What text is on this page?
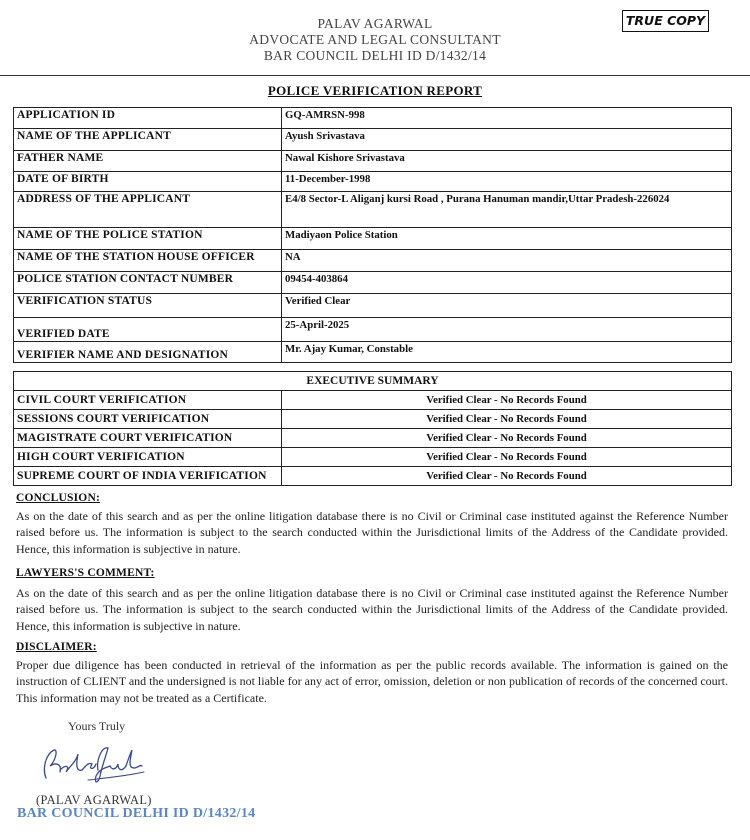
PALAV AGARWAL
ADVOCATE AND LEGAL CONSULTANT
BAR COUNCIL DELHI ID D/1432/14
TRUE COPY
POLICE VERIFICATION REPORT
APPLICATION ID	GQ-AMRSN-998
NAME OF THE APPLICANT	Ayush Srivastava
FATHER NAME	Nawal Kishore Srivastava
DATE OF BIRTH	11-December-1998
ADDRESS OF THE APPLICANT	E4/8 Sector-L Aliganj kursi Road , Purana Hanuman mandir,Uttar Pradesh-226024
NAME OF THE POLICE STATION	Madiyaon Police Station
NAME OF THE STATION HOUSE OFFICER	NA
POLICE STATION CONTACT NUMBER	09454-403864
VERIFICATION STATUS	Verified Clear
VERIFIED DATE	25-April-2025
VERIFIER NAME AND DESIGNATION	Mr. Ajay Kumar, Constable
EXECUTIVE SUMMARY	
CIVIL COURT VERIFICATION	Verified Clear - No Records Found
SESSIONS COURT VERIFICATION	Verified Clear - No Records Found
MAGISTRATE COURT VERIFICATION	Verified Clear - No Records Found
HIGH COURT VERIFICATION	Verified Clear - No Records Found
SUPREME COURT OF INDIA VERIFICATION	Verified Clear - No Records Found
CONCLUSION:
As on the date of this search and as per the online litigation database there is no Civil or Criminal case instituted against the Reference Number raised before us. The information is subject to the search conducted within the Jurisdictional limits of the Address of the Candidate provided. Hence, this information is subjective in nature.
LAWYERS'S COMMENT:
As on the date of this search and as per the online litigation database there is no Civil or Criminal case instituted against the Reference Number raised before us. The information is subject to the search conducted within the Jurisdictional limits of the Address of the Candidate provided. Hence, this information is subjective in nature.
DISCLAIMER:
Proper due diligence has been conducted in retrieval of the information as per the public records available. The information is gained on the instruction of CLIENT and the undersigned is not liable for any act of error, omission, deletion or non publication of records of the concerned court. This information may not be treated as a Certificate.
Yours Truly
(PALAV AGARWAL)
BAR COUNCIL DELHI ID D/1432/14
